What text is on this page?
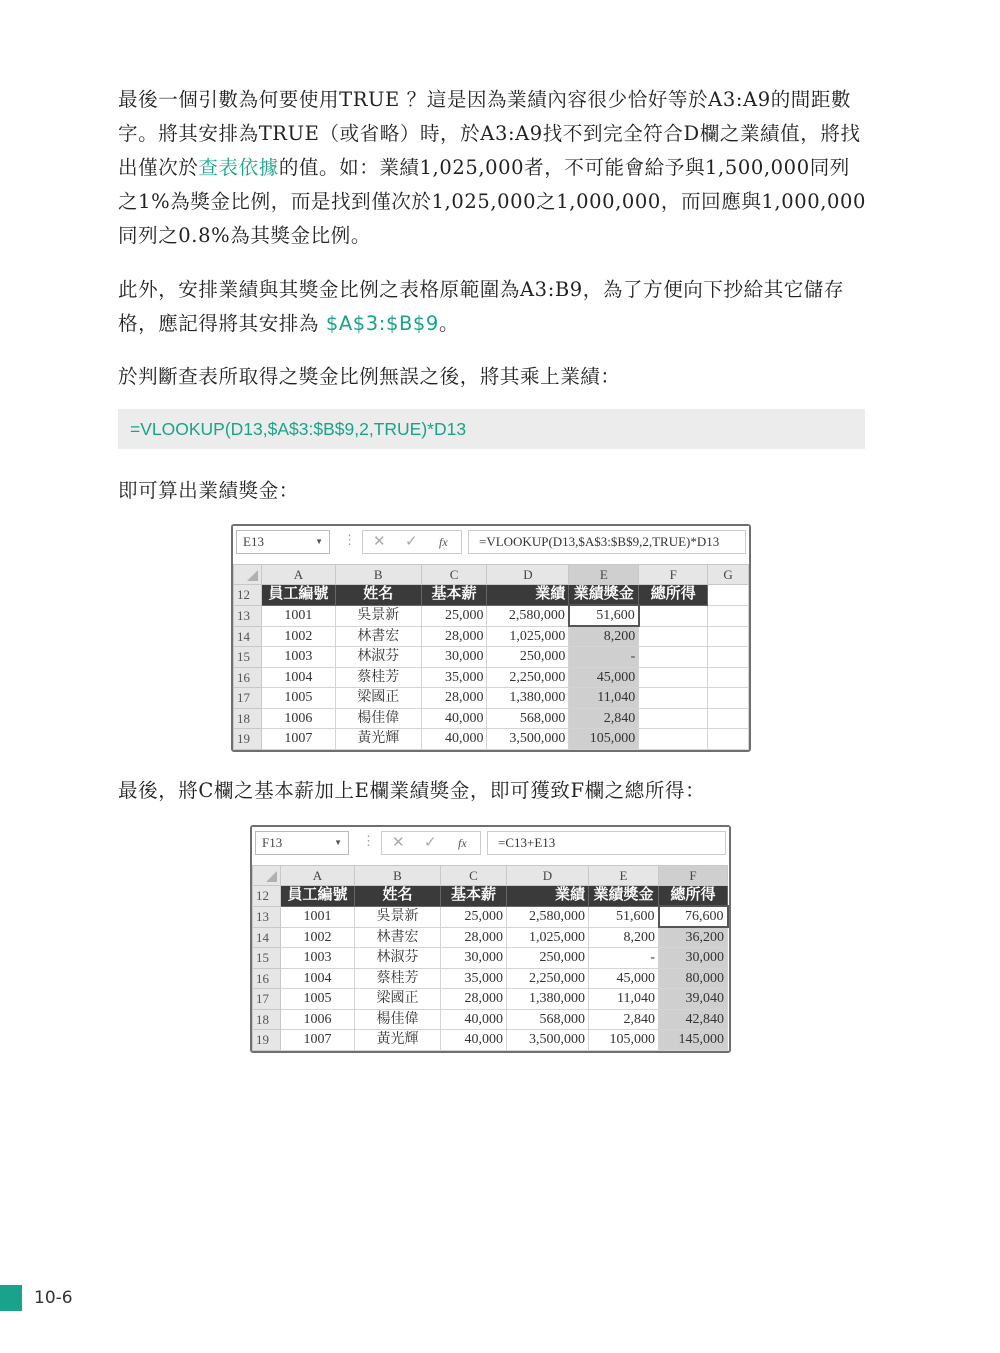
最後一個引數為何要使用TRUE ？這是因為業績內容很少恰好等於A3:A9的間距數字。將其安排為TRUE（或省略）時，於A3:A9找不到完全符合D欄之業績值，將找出僅次於查表依據的值。如：業績1,025,000者，不可能會給予與1,500,000同列之1%為獎金比例，而是找到僅次於1,025,000之1,000,000，而回應與1,000,000同列之0.8%為其獎金比例。

此外，安排業績與其獎金比例之表格原範圍為A3:B9，為了方便向下抄給其它儲存格，應記得將其安排為 $A$3:$B$9。

於判斷查表所取得之獎金比例無誤之後，將其乘上業績：

=VLOOKUP(D13,$A$3:$B$9,2,TRUE)*D13

即可算出業績獎金：

E13	▼ ⋮ ✕ ✓ fx	=VLOOKUP(D13,$A$3:$B$9,2,TRUE)*D13
	A	B	C	D	E	F	G
12	員工編號	姓名	基本薪	業績	業績獎金	總所得	
13	1001	吳景新	25,000	2,580,000	51,600		
14	1002	林書宏	28,000	1,025,000	8,200		
15	1003	林淑芬	30,000	250,000	-		
16	1004	蔡桂芳	35,000	2,250,000	45,000		
17	1005	梁國正	28,000	1,380,000	11,040		
18	1006	楊佳偉	40,000	568,000	2,840		
19	1007	黃光輝	40,000	3,500,000	105,000		

最後，將C欄之基本薪加上E欄業績獎金，即可獲致F欄之總所得：

F13	▼ ⋮ ✕ ✓ fx	=C13+E13
	A	B	C	D	E	F
12	員工編號	姓名	基本薪	業績	業績獎金	總所得
13	1001	吳景新	25,000	2,580,000	51,600	76,600
14	1002	林書宏	28,000	1,025,000	8,200	36,200
15	1003	林淑芬	30,000	250,000	-	30,000
16	1004	蔡桂芳	35,000	2,250,000	45,000	80,000
17	1005	梁國正	28,000	1,380,000	11,040	39,040
18	1006	楊佳偉	40,000	568,000	2,840	42,840
19	1007	黃光輝	40,000	3,500,000	105,000	145,000
10-6
